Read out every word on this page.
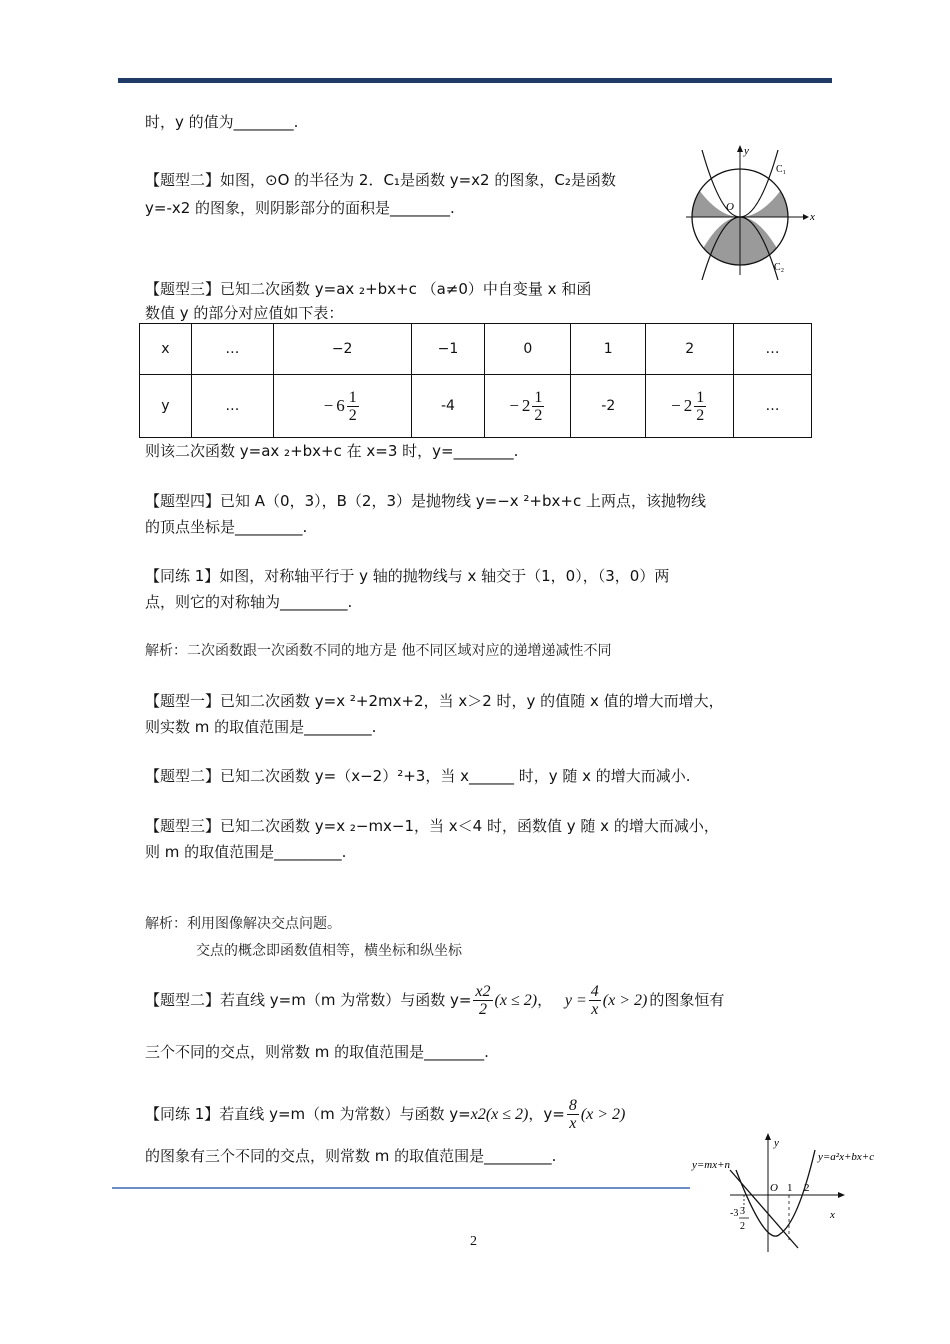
时，y 的值为________.
【题型二】如图，⊙O 的半径为 2．C₁是函数 y=x2 的图象，C₂是函数
y=-x2 的图象，则阴影部分的面积是________.
y
x
O
C₁
C₂
【题型三】已知二次函数 y=ax ₂+bx+c （a≠0）中自变量 x 和函
数值 y 的部分对应值如下表：
x	…	−2	−1	0	1	2	…
y	…	− $6 \frac{1}{2}$	-4	− $2 \frac{1}{2}$	-2	− $2 \frac{1}{2}$	…
则该二次函数 y=ax ₂+bx+c 在 x=3 时，y=________.
【题型四】已知 A（0，3），B（2，3）是抛物线 y=−x ²+bx+c 上两点，该抛物线
的顶点坐标是_________.
【同练 1】如图，对称轴平行于 y 轴的抛物线与 x 轴交于（1，0），（3，0）两
点，则它的对称轴为_________.
解析：二次函数跟一次函数不同的地方是 他不同区域对应的递增递减性不同
【题型一】已知二次函数 y=x ²+2mx+2，当 x＞2 时，y 的值随 x 值的增大而增大，
则实数 m 的取值范围是_________.
【题型二】已知二次函数 y=（x−2）²+3，当 x______ 时，y 随 x 的增大而减小.
【题型三】已知二次函数 y=x ₂−mx−1，当 x＜4 时，函数值 y 随 x 的增大而减小，
则 m 的取值范围是_________.
解析：利用图像解决交点问题。
交点的概念即函数值相等，横坐标和纵坐标
【题型二】若直线 y=m（m 为常数）与函数 $y= \frac{x2}{2} (x \le 2)$， $y = \frac{4}{x} (x > 2)$ 的图象恒有
三个不同的交点，则常数 m 的取值范围是________.
【同练 1】若直线 y=m（m 为常数）与函数 y=x2(x ≤ 2)，$y= \frac{8}{x} (x > 2)$
的图象有三个不同的交点，则常数 m 的取值范围是_________.	y=mx+n
y=a²x+bx+c
y
x
O 1 2
-3 3
2
2
